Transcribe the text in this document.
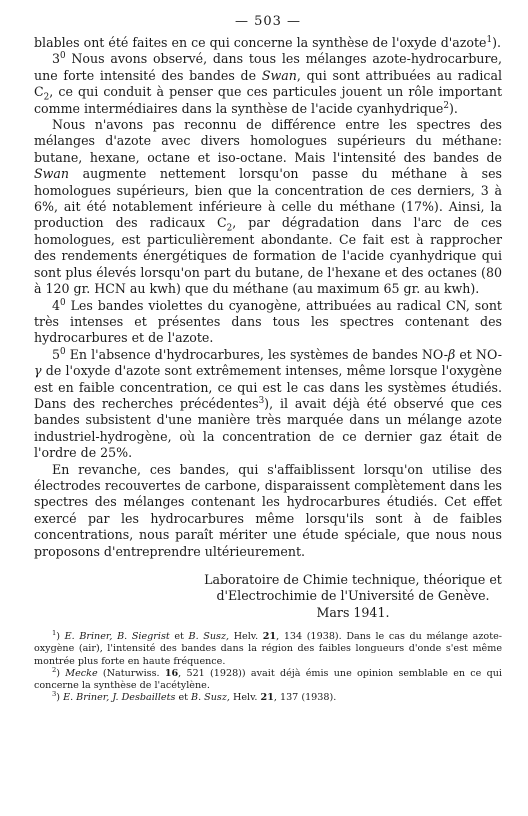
— 503 —

blables ont été faites en ce qui concerne la synthèse de l'oxyde d'azote$^1$).

$3^0$ Nous avons observé, dans tous les mélanges azote-hydrocarbure, une forte intensité des bandes de Swan, qui sont attribuées au radical $C_2$, ce qui conduit à penser que ces particules jouent un rôle important comme intermédiaires dans la synthèse de l'acide cyanhydrique$^2$).

Nous n'avons pas reconnu de différence entre les spectres des mélanges d'azote avec divers homologues supérieurs du méthane: butane, hexane, octane et iso-octane. Mais l'intensité des bandes de Swan augmente nettement lorsqu'on passe du méthane à ses homologues supérieurs, bien que la concentration de ces derniers, 3 à 6%, ait été notablement inférieure à celle du méthane (17%). Ainsi, la production des radicaux $C_2$, par dégradation dans l'arc de ces homologues, est particulièrement abondante. Ce fait est à rapprocher des rendements énergétiques de formation de l'acide cyanhydrique qui sont plus élevés lorsqu'on part du butane, de l'hexane et des octanes (80 à 120 gr. HCN au kwh) que du méthane (au maximum 65 gr. au kwh).

$4^0$ Les bandes violettes du cyanogène, attribuées au radical CN, sont très intenses et présentes dans tous les spectres contenant des hydrocarbures et de l'azote.

$5^0$ En l'absence d'hydrocarbures, les systèmes de bandes NO-β et NO-γ de l'oxyde d'azote sont extrêmement intenses, même lorsque l'oxygène est en faible concentration, ce qui est le cas dans les systèmes étudiés. Dans des recherches précédentes$^3$), il avait déjà été observé que ces bandes subsistent d'une manière très marquée dans un mélange azote industriel-hydrogène, où la concentration de ce dernier gaz était de l'ordre de 25%.

En revanche, ces bandes, qui s'affaiblissent lorsqu'on utilise des électrodes recouvertes de carbone, disparaissent complètement dans les spectres des mélanges contenant les hydrocarbures étudiés. Cet effet exercé par les hydrocarbures même lorsqu'ils sont à de faibles concentrations, nous paraît mériter une étude spéciale, que nous nous proposons d'entreprendre ultérieurement.

Laboratoire de Chimie technique, théorique et
d'Electrochimie de l'Université de Genève.
Mars 1941.

$^1$) E. Briner, B. Siegrist et B. Susz, Helv. 21, 134 (1938). Dans le cas du mélange azote-oxygène (air), l'intensité des bandes dans la région des faibles longueurs d'onde s'est même montrée plus forte en haute fréquence.

$^2$) Mecke (Naturwiss. 16, 521 (1928)) avait déjà émis une opinion semblable en ce qui concerne la synthèse de l'acétylène.

$^3$) E. Briner, J. Desbaillets et B. Susz, Helv. 21, 137 (1938).
